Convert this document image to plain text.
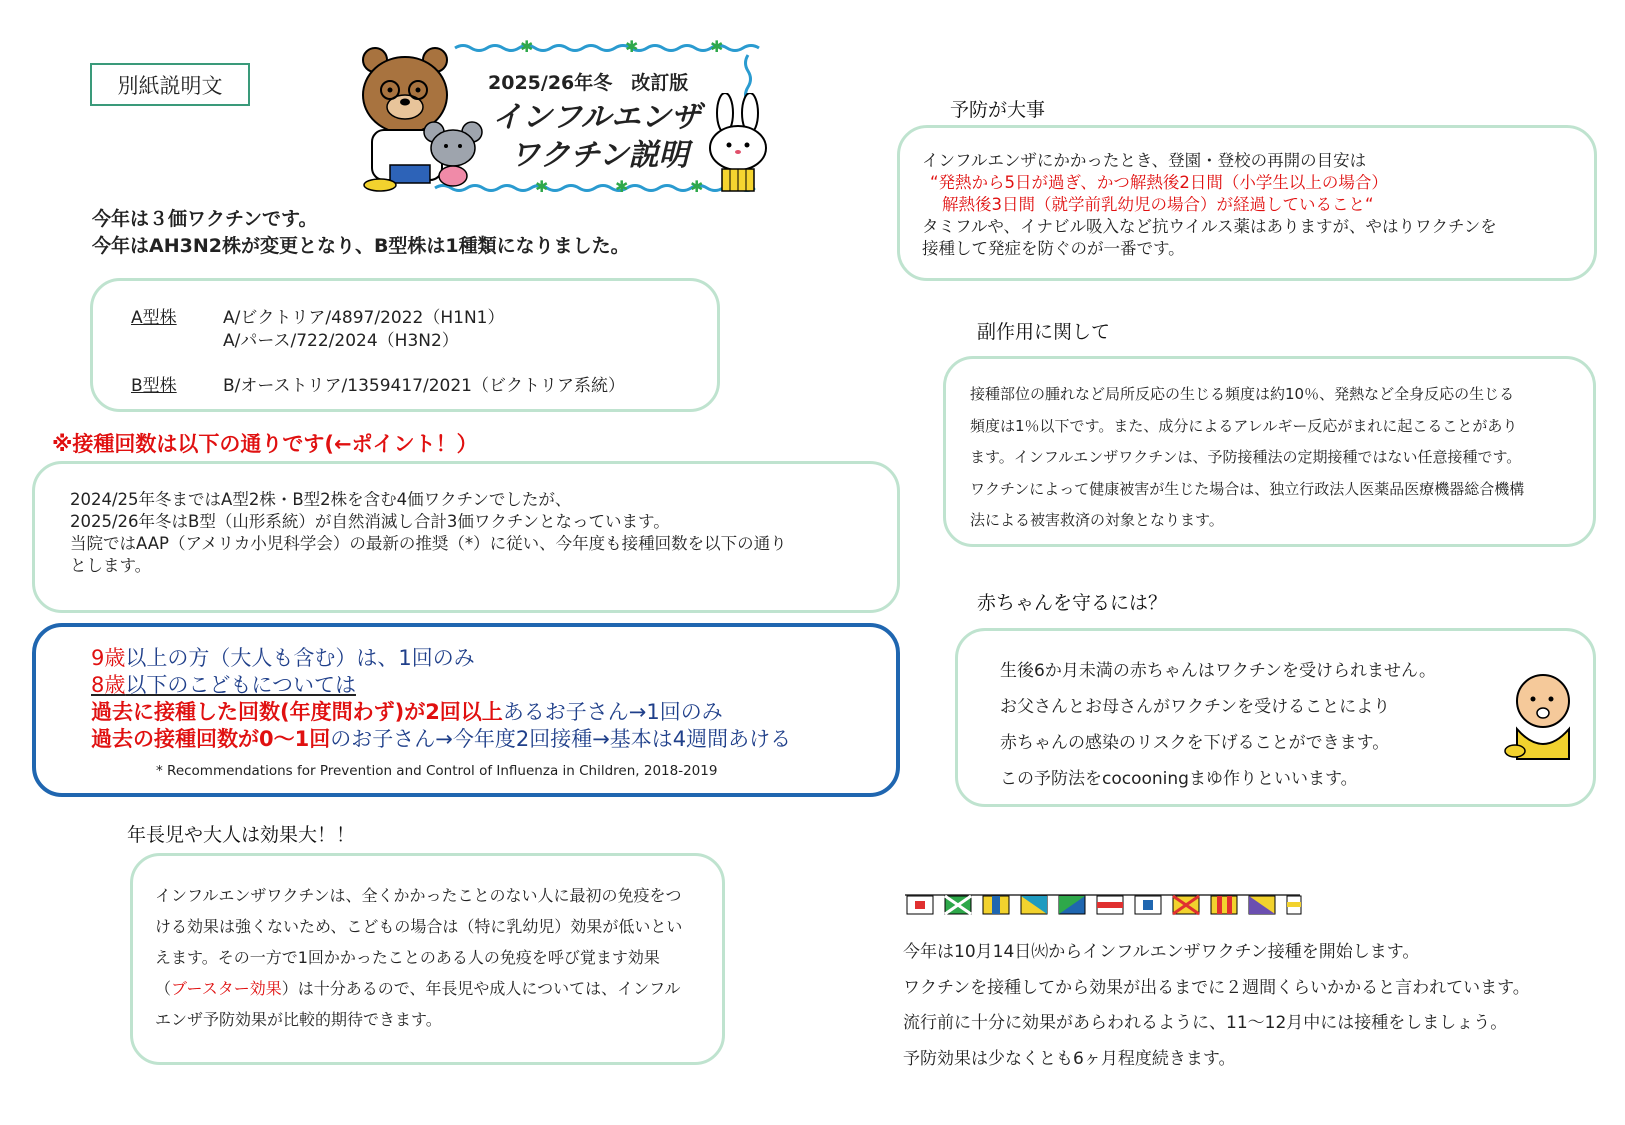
別紙説明文
✱	✱	✱
✱	✱	✱
2025/26年冬　改訂版
インフルエンザ
ワクチン説明
今年は３価ワクチンです。
今年はAH3N2株が変更となり、B型株は1種類になりました。
A型株	A/ビクトリア/4897/2022（H1N1）
A/パース/722/2024（H3N2）
B型株	B/オーストリア/1359417/2021（ビクトリア系統）
※接種回数は以下の通りです(←ポイント！）
2024/25年冬まではA型2株・B型2株を含む4価ワクチンでしたが、
2025/26年冬はB型（山形系統）が自然消滅し合計3価ワクチンとなっています。
当院ではAAP（アメリカ小児科学会）の最新の推奨（*）に従い、今年度も接種回数を以下の通り
とします。
9歳以上の方（大人も含む）は、1回のみ
8歳以下のこどもについては
過去に接種した回数(年度問わず)が2回以上あるお子さん→1回のみ
過去の接種回数が0～1回のお子さん→今年度2回接種→基本は4週間あける
* Recommendations for Prevention and Control of Influenza in Children, 2018-2019
年長児や大人は効果大！！
インフルエンザワクチンは、全くかかったことのない人に最初の免疫をつ
ける効果は強くないため、こどもの場合は（特に乳幼児）効果が低いとい
えます。その一方で1回かかったことのある人の免疫を呼び覚ます効果
（ブースター効果）は十分あるので、年長児や成人については、インフル
エンザ予防効果が比較的期待できます。
予防が大事
インフルエンザにかかったとき、登園・登校の再開の目安は
“発熱から5日が過ぎ、かつ解熱後2日間（小学生以上の場合）
解熱後3日間（就学前乳幼児の場合）が経過していること“
タミフルや、イナビル吸入など抗ウイルス薬はありますが、やはりワクチンを
接種して発症を防ぐのが一番です。
副作用に関して
接種部位の腫れなど局所反応の生じる頻度は約10％、発熱など全身反応の生じる
頻度は1％以下です。また、成分によるアレルギー反応がまれに起こることがあり
ます。インフルエンザワクチンは、予防接種法の定期接種ではない任意接種です。
ワクチンによって健康被害が生じた場合は、独立行政法人医薬品医療機器総合機構
法による被害救済の対象となります。
赤ちゃんを守るには？
生後6か月未満の赤ちゃんはワクチンを受けられません。
お父さんとお母さんがワクチンを受けることにより
赤ちゃんの感染のリスクを下げることができます。
この予防法をcocooningまゆ作りといいます。
今年は10月14日㈫からインフルエンザワクチン接種を開始します。
ワクチンを接種してから効果が出るまでに２週間くらいかかると言われています。
流行前に十分に効果があらわれるように、11～12月中には接種をしましょう。
予防効果は少なくとも6ヶ月程度続きます。
